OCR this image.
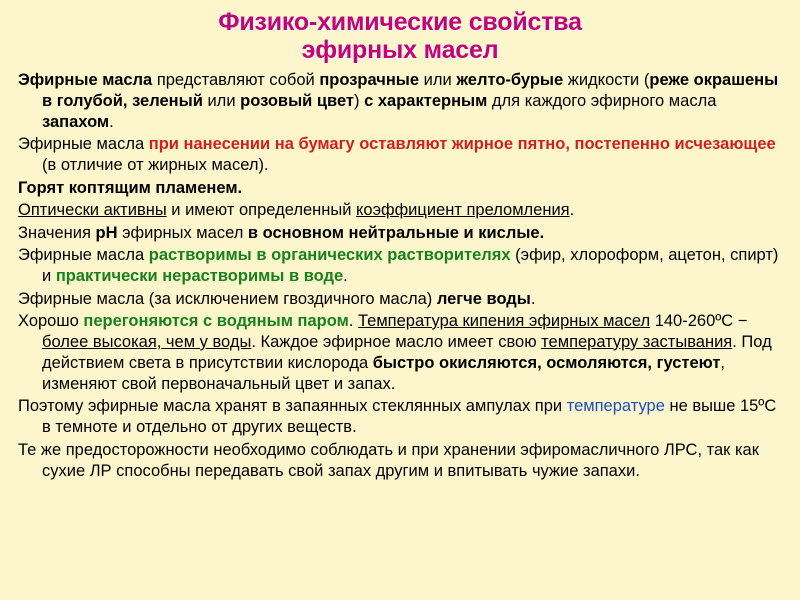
Физико-химические свойства
эфирных масел

Эфирные масла представляют собой прозрачные или желто-бурые жидкости (реже окрашены в голубой, зеленый или розовый цвет) с характерным для каждого эфирного масла запахом.

Эфирные масла при нанесении на бумагу оставляют жирное пятно, постепенно исчезающее (в отличие от жирных масел).

Горят коптящим пламенем.

Оптически активны и имеют определенный коэффициент преломления.

Значения рН эфирных масел в основном нейтральные и кислые.

Эфирные масла растворимы в органических растворителях (эфир, хлороформ, ацетон, спирт) и практически нерастворимы в воде.

Эфирные масла (за исключением гвоздичного масла) легче воды.

Хорошо перегоняются с водяным паром. Температура кипения эфирных масел 140-260ºС − более высокая, чем у воды. Каждое эфирное масло имеет свою температуру застывания. Под действием света в присутствии кислорода быстро окисляются, осмоляются, густеют, изменяют свой первоначальный цвет и запах.

Поэтому эфирные масла хранят в запаянных стеклянных ампулах при температуре не выше 15ºС в темноте и отдельно от других веществ.

Те же предосторожности необходимо соблюдать и при хранении эфиромасличного ЛРС, так как сухие ЛР способны передавать свой запах другим и впитывать чужие запахи.
